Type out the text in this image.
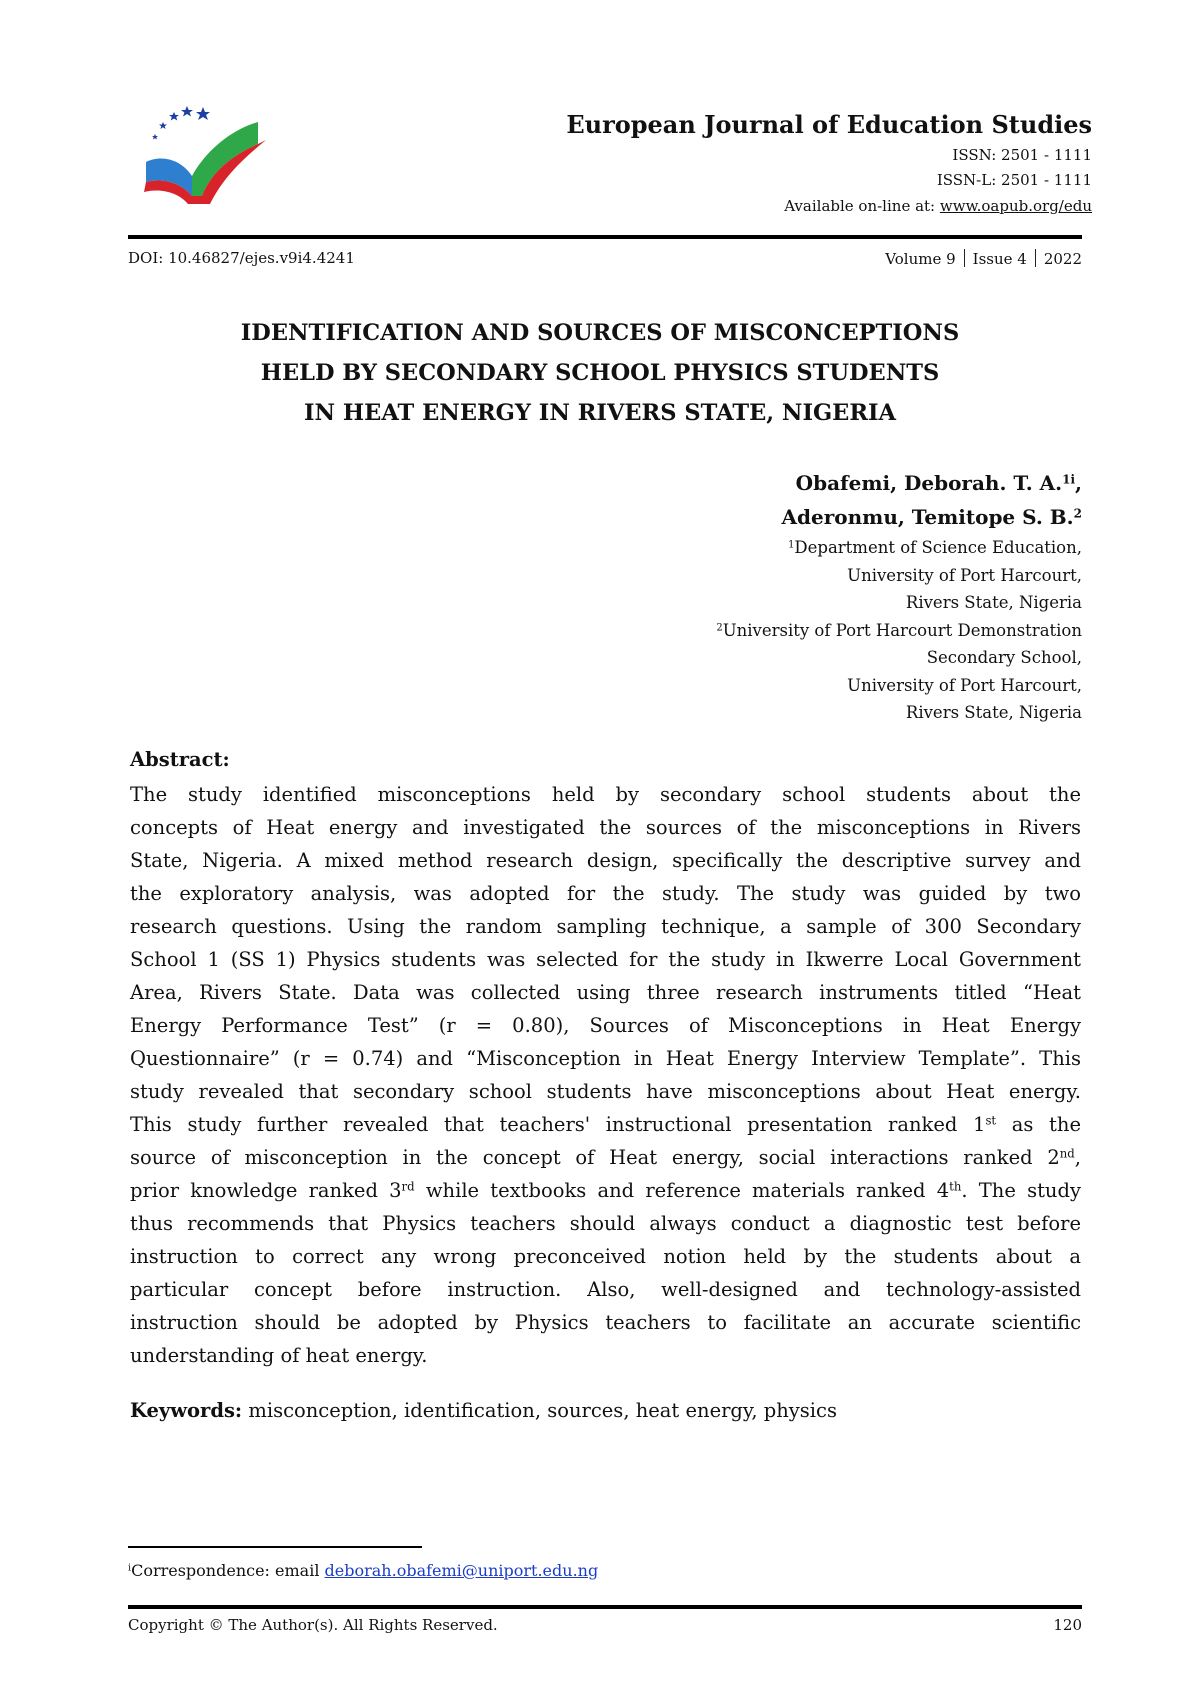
European Journal of Education Studies
ISSN: 2501 - 1111
ISSN-L: 2501 - 1111
Available on-line at: www.oapub.org/edu
DOI: 10.46827/ejes.v9i4.4241	Volume 9 Issue 4 2022
IDENTIFICATION AND SOURCES OF MISCONCEPTIONS
HELD BY SECONDARY SCHOOL PHYSICS STUDENTS
IN HEAT ENERGY IN RIVERS STATE, NIGERIA
Obafemi, Deborah. T. A.$^{1i}$,
Aderonmu, Temitope S. B.$^2$
$^1$Department of Science Education,
University of Port Harcourt,
Rivers State, Nigeria
$^2$University of Port Harcourt Demonstration
Secondary School,
University of Port Harcourt,
Rivers State, Nigeria
Abstract:
The study identified misconceptions held by secondary school students about the
concepts of Heat energy and investigated the sources of the misconceptions in Rivers
State, Nigeria. A mixed method research design, specifically the descriptive survey and
the exploratory analysis, was adopted for the study. The study was guided by two
research questions. Using the random sampling technique, a sample of 300 Secondary
School 1 (SS 1) Physics students was selected for the study in Ikwerre Local Government
Area, Rivers State. Data was collected using three research instruments titled “Heat
Energy Performance Test” (r = 0.80), Sources of Misconceptions in Heat Energy
Questionnaire” (r = 0.74) and “Misconception in Heat Energy Interview Template”. This
study revealed that secondary school students have misconceptions about Heat energy.
This study further revealed that teachers' instructional presentation ranked 1st as the
source of misconception in the concept of Heat energy, social interactions ranked 2nd,
prior knowledge ranked 3rd while textbooks and reference materials ranked 4th. The study
thus recommends that Physics teachers should always conduct a diagnostic test before
instruction to correct any wrong preconceived notion held by the students about a
particular concept before instruction. Also, well-designed and technology-assisted
instruction should be adopted by Physics teachers to facilitate an accurate scientific
understanding of heat energy.
Keywords: misconception, identification, sources, heat energy, physics
$^i$Correspondence: email deborah.obafemi@uniport.edu.ng
Copyright © The Author(s). All Rights Reserved.	120
